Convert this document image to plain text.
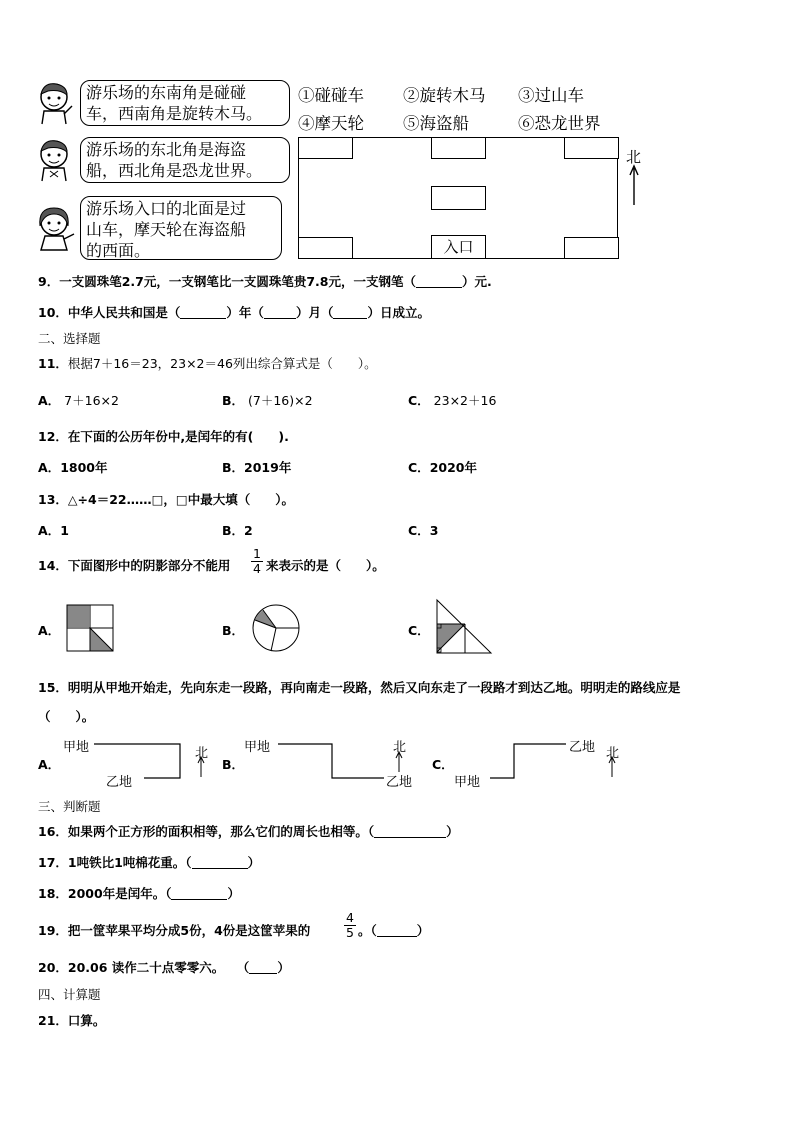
游乐场的东南角是碰碰
车，西南角是旋转木马。
游乐场的东北角是海盗
船，西北角是恐龙世界。
游乐场入口的北面是过
山车，摩天轮在海盗船
的西面。
①碰碰车 ②旋转木马 ③过山车
④摩天轮 ⑤海盗船	⑥恐龙世界
入口
北
9．一支圆珠笔2.7元，一支钢笔比一支圆珠笔贵7.8元，一支钢笔（	）元.
10．中华人民共和国是（	）年（	）月（	）日成立。
二、选择题
11．根据7＋16＝23，23×2＝46列出综合算式是（　　）。
A． 7＋16×2	B． (7＋16)×2	C． 23×2＋16
12．在下面的公历年份中,是闰年的有(　　).
A．1800年	B．2019年	C．2020年
13．△÷4＝22……□，□中最大填（　　）。
A．1	B．2	C．3
14．下面图形中的阴影部分不能用
1
4 来表示的是（　　）。
A．	B．	C．
15．明明从甲地开始走，先向东走一段路，再向南走一段路，然后又向东走了一段路才到达乙地。明明走的路线应是
（　　）。
A．
甲地
乙地
北
B．
甲地
乙地
北
C．
甲地
乙地 北
三、判断题
16．如果两个正方形的面积相等，那么它们的周长也相等。（	）
17．1吨铁比1吨棉花重。（	）
18．2000年是闰年。（	）
19．把一筐苹果平均分成5份，4份是这筐苹果的
4
5 。（	）
20．20.06 读作二十点零零六。　　（ ）
四、计算题
21．口算。
